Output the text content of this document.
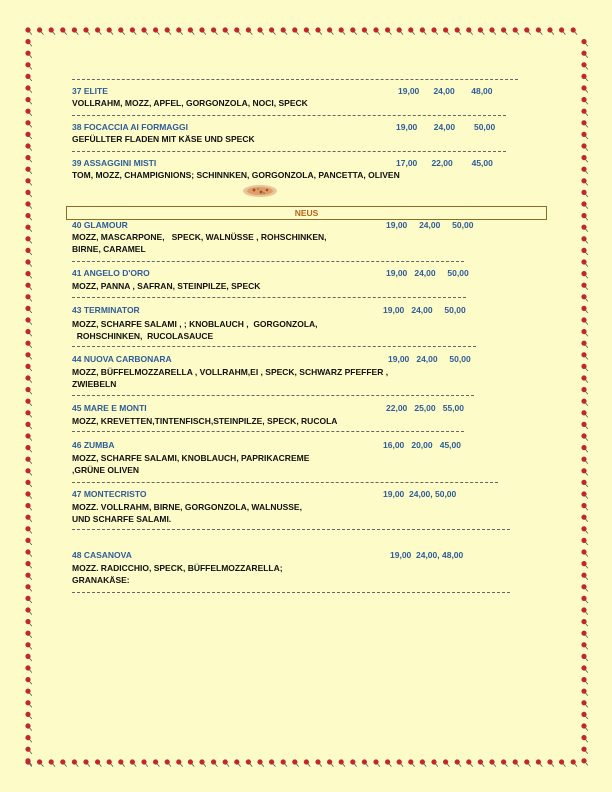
NEUS
37 ELITE	19,00      24,00       48,00
VOLLRAHM, MOZZ, APFEL, GORGONZOLA, NOCI, SPECK
38 FOCACCIA AI FORMAGGI	19,00       24,00        50,00
GEFÜLLTER FLADEN MIT KÄSE UND SPECK
39 ASSAGGINI MISTI	17,00      22,00        45,00
TOM, MOZZ, CHAMPIGNIONS; SCHINNKEN, GORGONZOLA, PANCETTA, OLIVEN
40 GLAMOUR	19,00     24,00     50,00
MOZZ, MASCARPONE,   SPECK, WALNÜSSE , ROHSCHINKEN,
BIRNE, CARAMEL
41 ANGELO D'ORO	19,00   24,00     50,00
MOZZ, PANNA , SAFRAN, STEINPILZE, SPECK
43 TERMINATOR	19,00   24,00     50,00
MOZZ, SCHARFE SALAMI , ; KNOBLAUCH ,  GORGONZOLA,
ROHSCHINKEN,  RUCOLASAUCE
44 NUOVA CARBONARA	19,00   24,00     50,00
MOZZ, BÜFFELMOZZARELLA , VOLLRAHM,EI , SPECK, SCHWARZ PFEFFER ,
ZWIEBELN
45 MARE E MONTI	22,00   25,00   55,00
MOZZ, KREVETTEN,TINTENFISCH,STEINPILZE, SPECK, RUCOLA
46 ZUMBA	16,00   20,00   45,00
MOZZ, SCHARFE SALAMI, KNOBLAUCH, PAPRIKACREME
,GRÜNE OLIVEN
47 MONTECRISTO	19,00  24,00, 50,00
MOZZ. VOLLRAHM, BIRNE, GORGONZOLA, WALNUSSE,
UND SCHARFE SALAMI.
48 CASANOVA	19,00  24,00, 48,00
MOZZ. RADICCHIO, SPECK, BÜFFELMOZZARELLA;
GRANAKÄSE:
